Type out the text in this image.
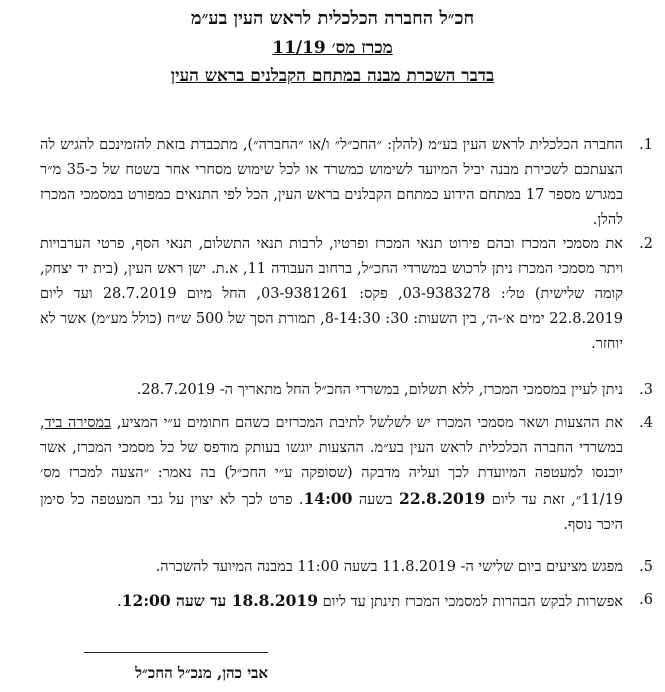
חכ״ל החברה הכלכלית לראש העין בע״מ
מכרז מס׳ 11/19
בדבר השכרת מבנה במתחם הקבלנים בראש העין
1.
החברה הכלכלית לראש העין בע״מ (להלן: ״החכ״ל״ ו/או ״החברה״), מתכבדת בזאת להזמינכם להגיש לה הצעתכם לשכירת מבנה יביל המיועד לשימוש כמשרד או לכל שימוש מסחרי אחר בשטח של כ-35 מ״ר במגרש מספר 17 במתחם הידוע כמתחם הקבלנים בראש העין, הכל לפי התנאים כמפורט במסמכי המכרז להלן.
2.
את מסמכי המכרז ובהם פירוט תנאי המכרז ופרטיו, לרבות תנאי התשלום, תנאי הסף, פרטי הערבויות ויתר מסמכי המכרז ניתן לרכוש במשרדי החכ״ל, ברחוב העבודה 11, א.ת. ישן ראש העין, (בית יד יצחק, קומה שלישית) טל׳: 03-9383278, פקס: 03-9381261, החל מיום 28.7.2019 ועד ליום 22.8.2019 ימים א׳-ה׳, בין השעות: 30: 8-14:30, תמורת הסך של 500 ש״ח (כולל מע״מ) אשר לא יוחזר.
3.
ניתן לעיין במסמכי המכרז, ללא תשלום, במשרדי החכ״ל החל מתאריך ה- 28.7.2019.
4.
את ההצעות ושאר מסמכי המכרז יש לשלשל לתיבת המכרזים כשהם חתומים ע״י המציע, במסירה ביד, במשרדי החברה הכלכלית לראש העין בע״מ. ההצעות יוגשו בעותק מודפס של כל מסמכי המכרז, אשר יוכנסו למעטפה המיועדת לכך ועליה מדבקה (שסופקה ע״י החכ״ל) בה נאמר: ״הצעה למכרז מס׳ 11/19״, זאת עד ליום 22.8.2019 בשעה 14:00. פרט לכך לא יצוין על גבי המעטפה כל סימן היכר נוסף.
5.
מפגש מציעים ביום שלישי ה- 11.8.2019 בשעה 11:00 במבנה המיועד להשכרה.
6.
אפשרות לבקש הבהרות למסמכי המכרז תינתן עד ליום 18.8.2019 עד שעה 12:00.
אבי כהן, מנכ״ל החכ״ל
